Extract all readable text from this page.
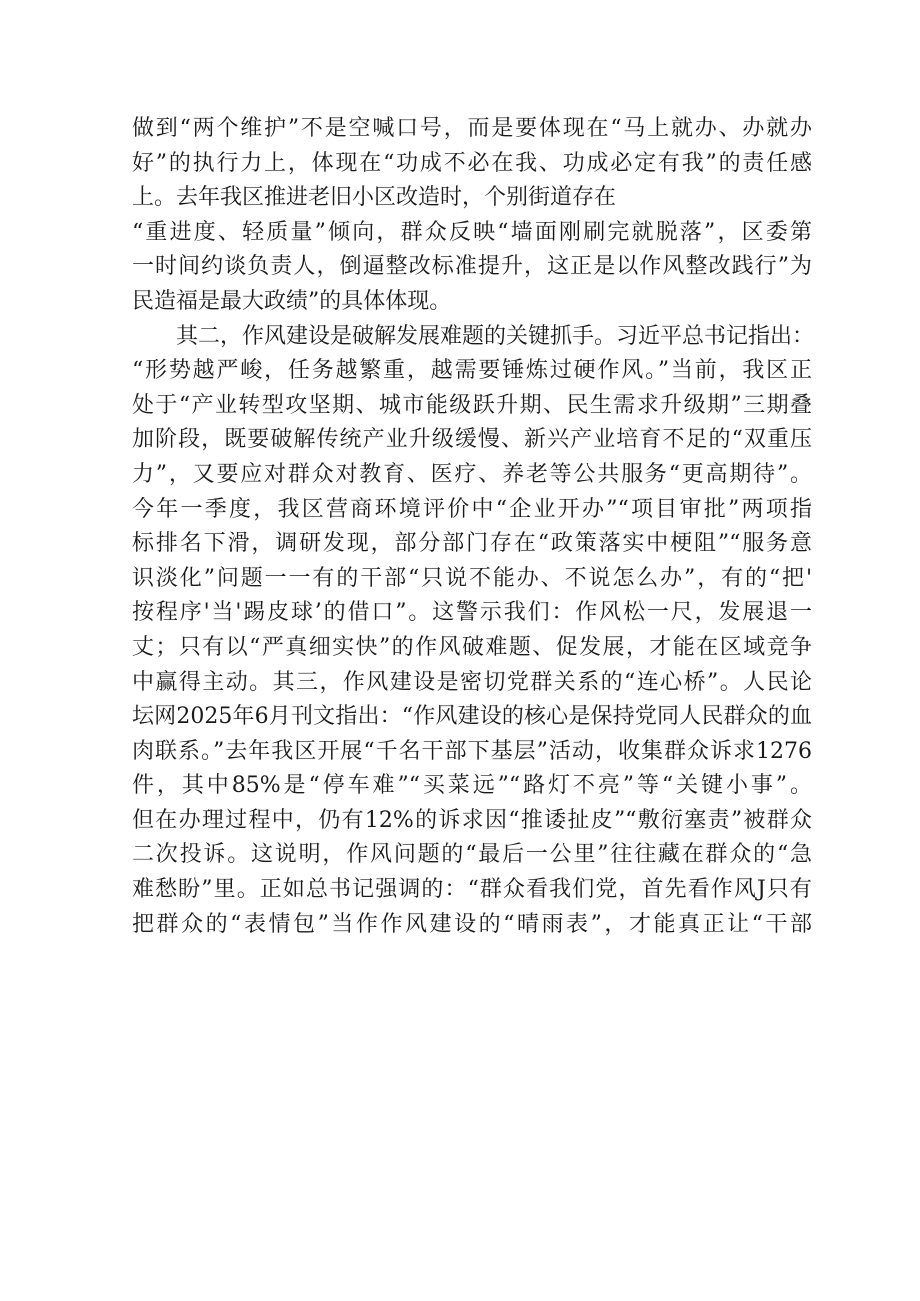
做到“两个维护”不是空喊口号，而是要体现在“马上就办、办就办
好”的执行力上，体现在“功成不必在我、功成必定有我”的责任感
上。去年我区推进老旧小区改造时，个别街道存在
“重进度、轻质量”倾向，群众反映“墙面刚刷完就脱落”，区委第
一时间约谈负责人，倒逼整改标准提升，这正是以作风整改践行”为
民造福是最大政绩”的具体体现。
其二，作风建设是破解发展难题的关键抓手。习近平总书记指出：
“形势越严峻，任务越繁重，越需要锤炼过硬作风。”当前，我区正
处于“产业转型攻坚期、城市能级跃升期、民生需求升级期”三期叠
加阶段，既要破解传统产业升级缓慢、新兴产业培育不足的“双重压
力”，又要应对群众对教育、医疗、养老等公共服务“更高期待”。
今年一季度，我区营商环境评价中“企业开办”“项目审批”两项指
标排名下滑，调研发现，部分部门存在“政策落实中梗阻”“服务意
识淡化”问题一一有的干部“只说不能办、不说怎么办”，有的“把'
按程序'当'踢皮球’的借口”。这警示我们：作风松一尺，发展退一
丈；只有以“严真细实快”的作风破难题、促发展，才能在区域竞争
中赢得主动。其三，作风建设是密切党群关系的“连心桥”。人民论
坛网2025年6月刊文指出：“作风建设的核心是保持党同人民群众的血
肉联系。”去年我区开展“千名干部下基层”活动，收集群众诉求1276
件，其中85%是“停车难”“买菜远”“路灯不亮”等“关键小事”。
但在办理过程中，仍有12%的诉求因“推诿扯皮”“敷衍塞责”被群众
二次投诉。这说明，作风问题的“最后一公里”往往藏在群众的“急
难愁盼”里。正如总书记强调的：“群众看我们党，首先看作风J只有
把群众的“表情包”当作作风建设的“晴雨表”，才能真正让“干部
